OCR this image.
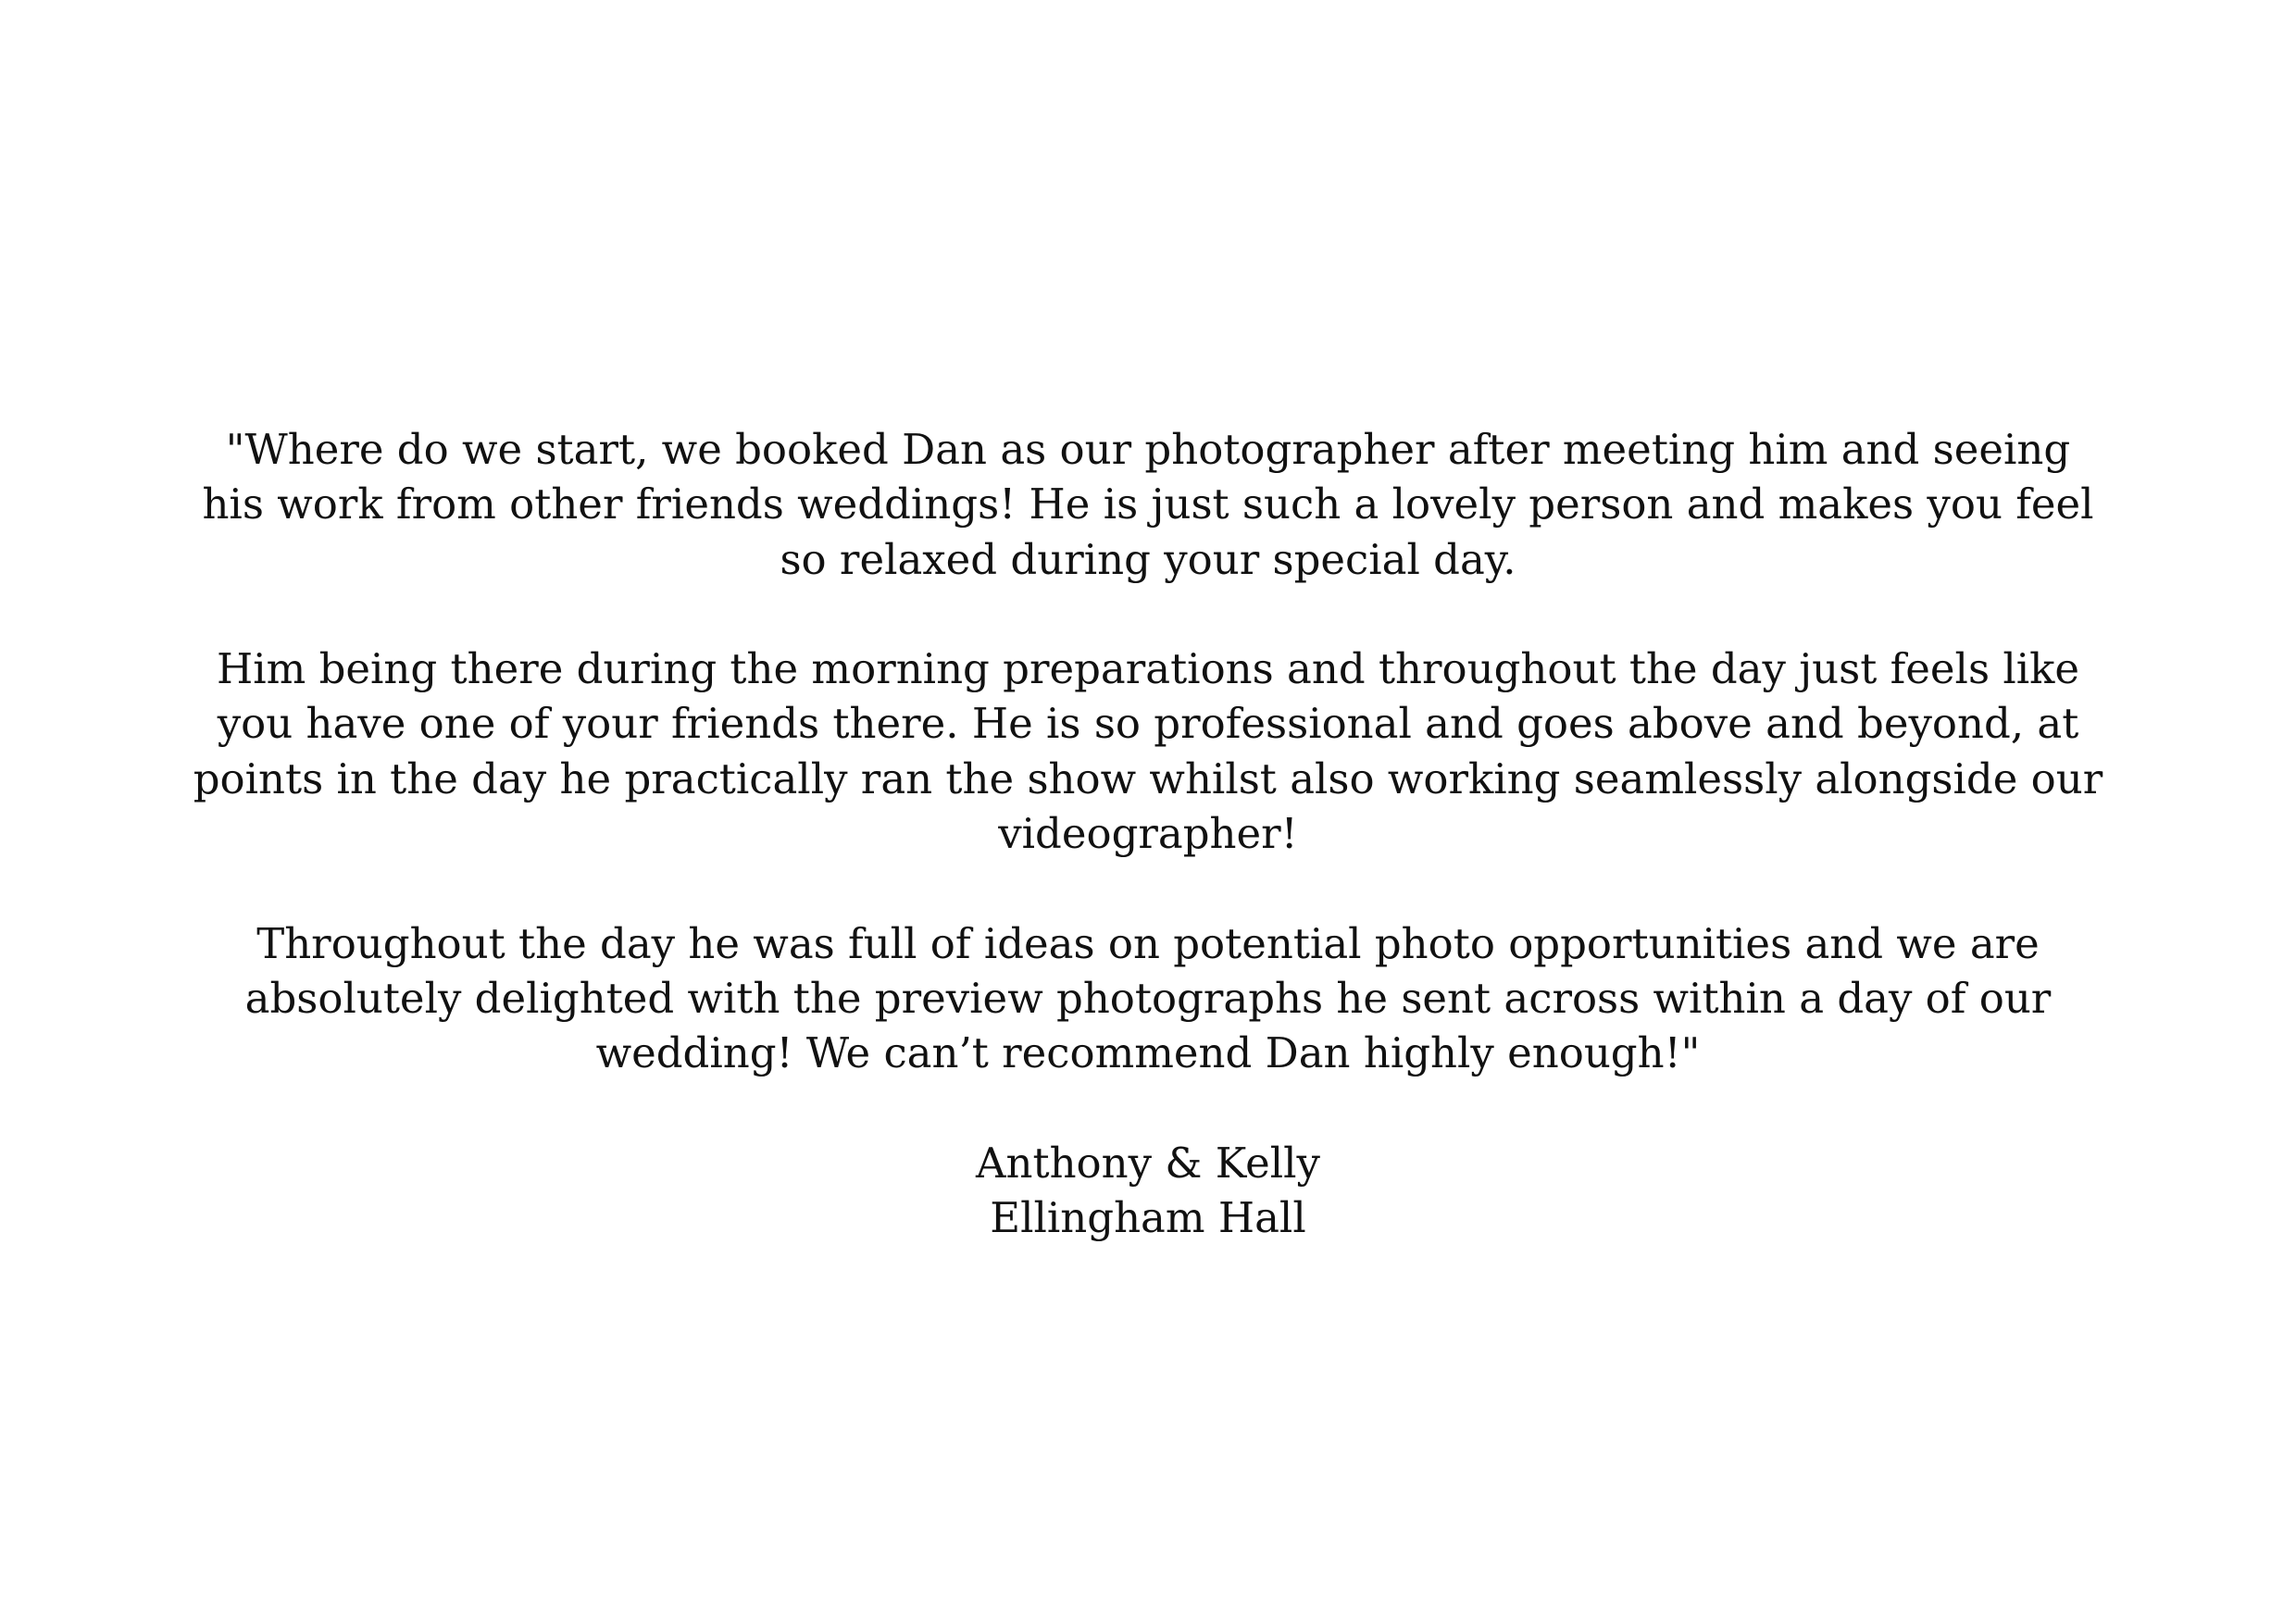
"Where do we start, we booked Dan as our photographer after meeting him and seeing
his work from other friends weddings! He is just such a lovely person and makes you feel
so relaxed during your special day.
Him being there during the morning preparations and throughout the day just feels like
you have one of your friends there. He is so professional and goes above and beyond, at
points in the day he practically ran the show whilst also working seamlessly alongside our
videographer!
Throughout the day he was full of ideas on potential photo opportunities and we are
absolutely delighted with the preview photographs he sent across within a day of our
wedding! We can’t recommend Dan highly enough!"
Anthony & Kelly
Ellingham Hall
